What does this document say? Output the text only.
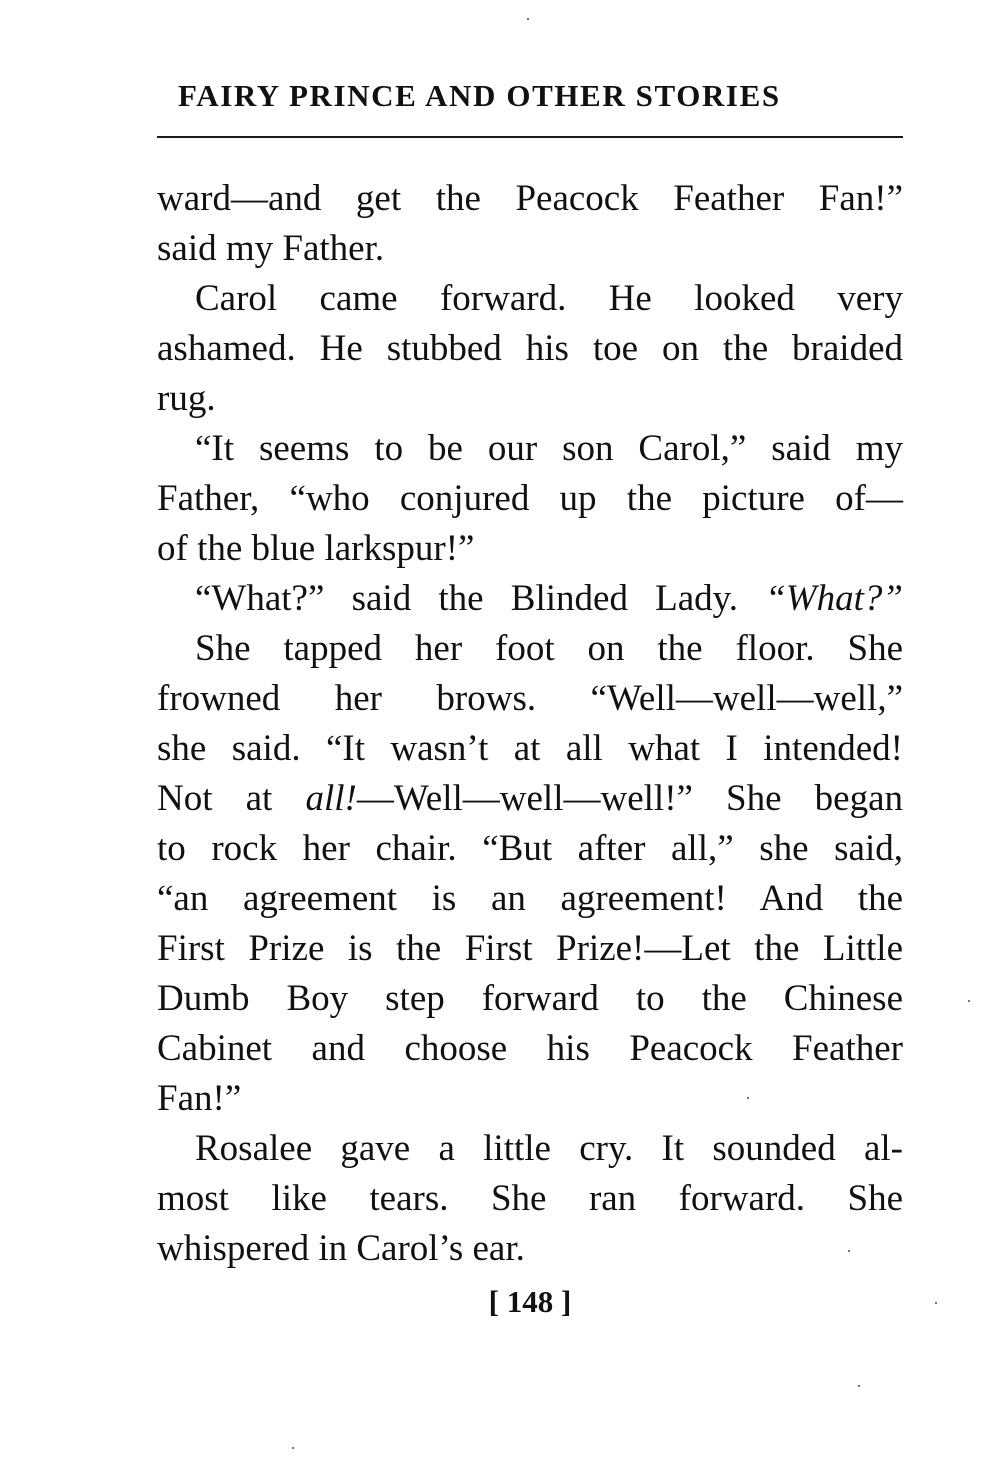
FAIRY PRINCE AND OTHER STORIES
ward—and get the Peacock Feather Fan!”
said my Father.
Carol came forward. He looked very
ashamed. He stubbed his toe on the braided
rug.
“It seems to be our son Carol,” said my
Father, “who conjured up the picture of—
of the blue larkspur!”
“What?” said the Blinded Lady. “What?”
She tapped her foot on the floor. She
frowned her brows. “Well—well—well,”
she said. “It wasn’t at all what I intended!
Not at all!—Well—well—well!” She began
to rock her chair. “But after all,” she said,
“an agreement is an agreement! And the
First Prize is the First Prize!—Let the Little
Dumb Boy step forward to the Chinese
Cabinet and choose his Peacock Feather
Fan!”
Rosalee gave a little cry. It sounded al-
most like tears. She ran forward. She
whispered in Carol’s ear.
[ 148 ]
